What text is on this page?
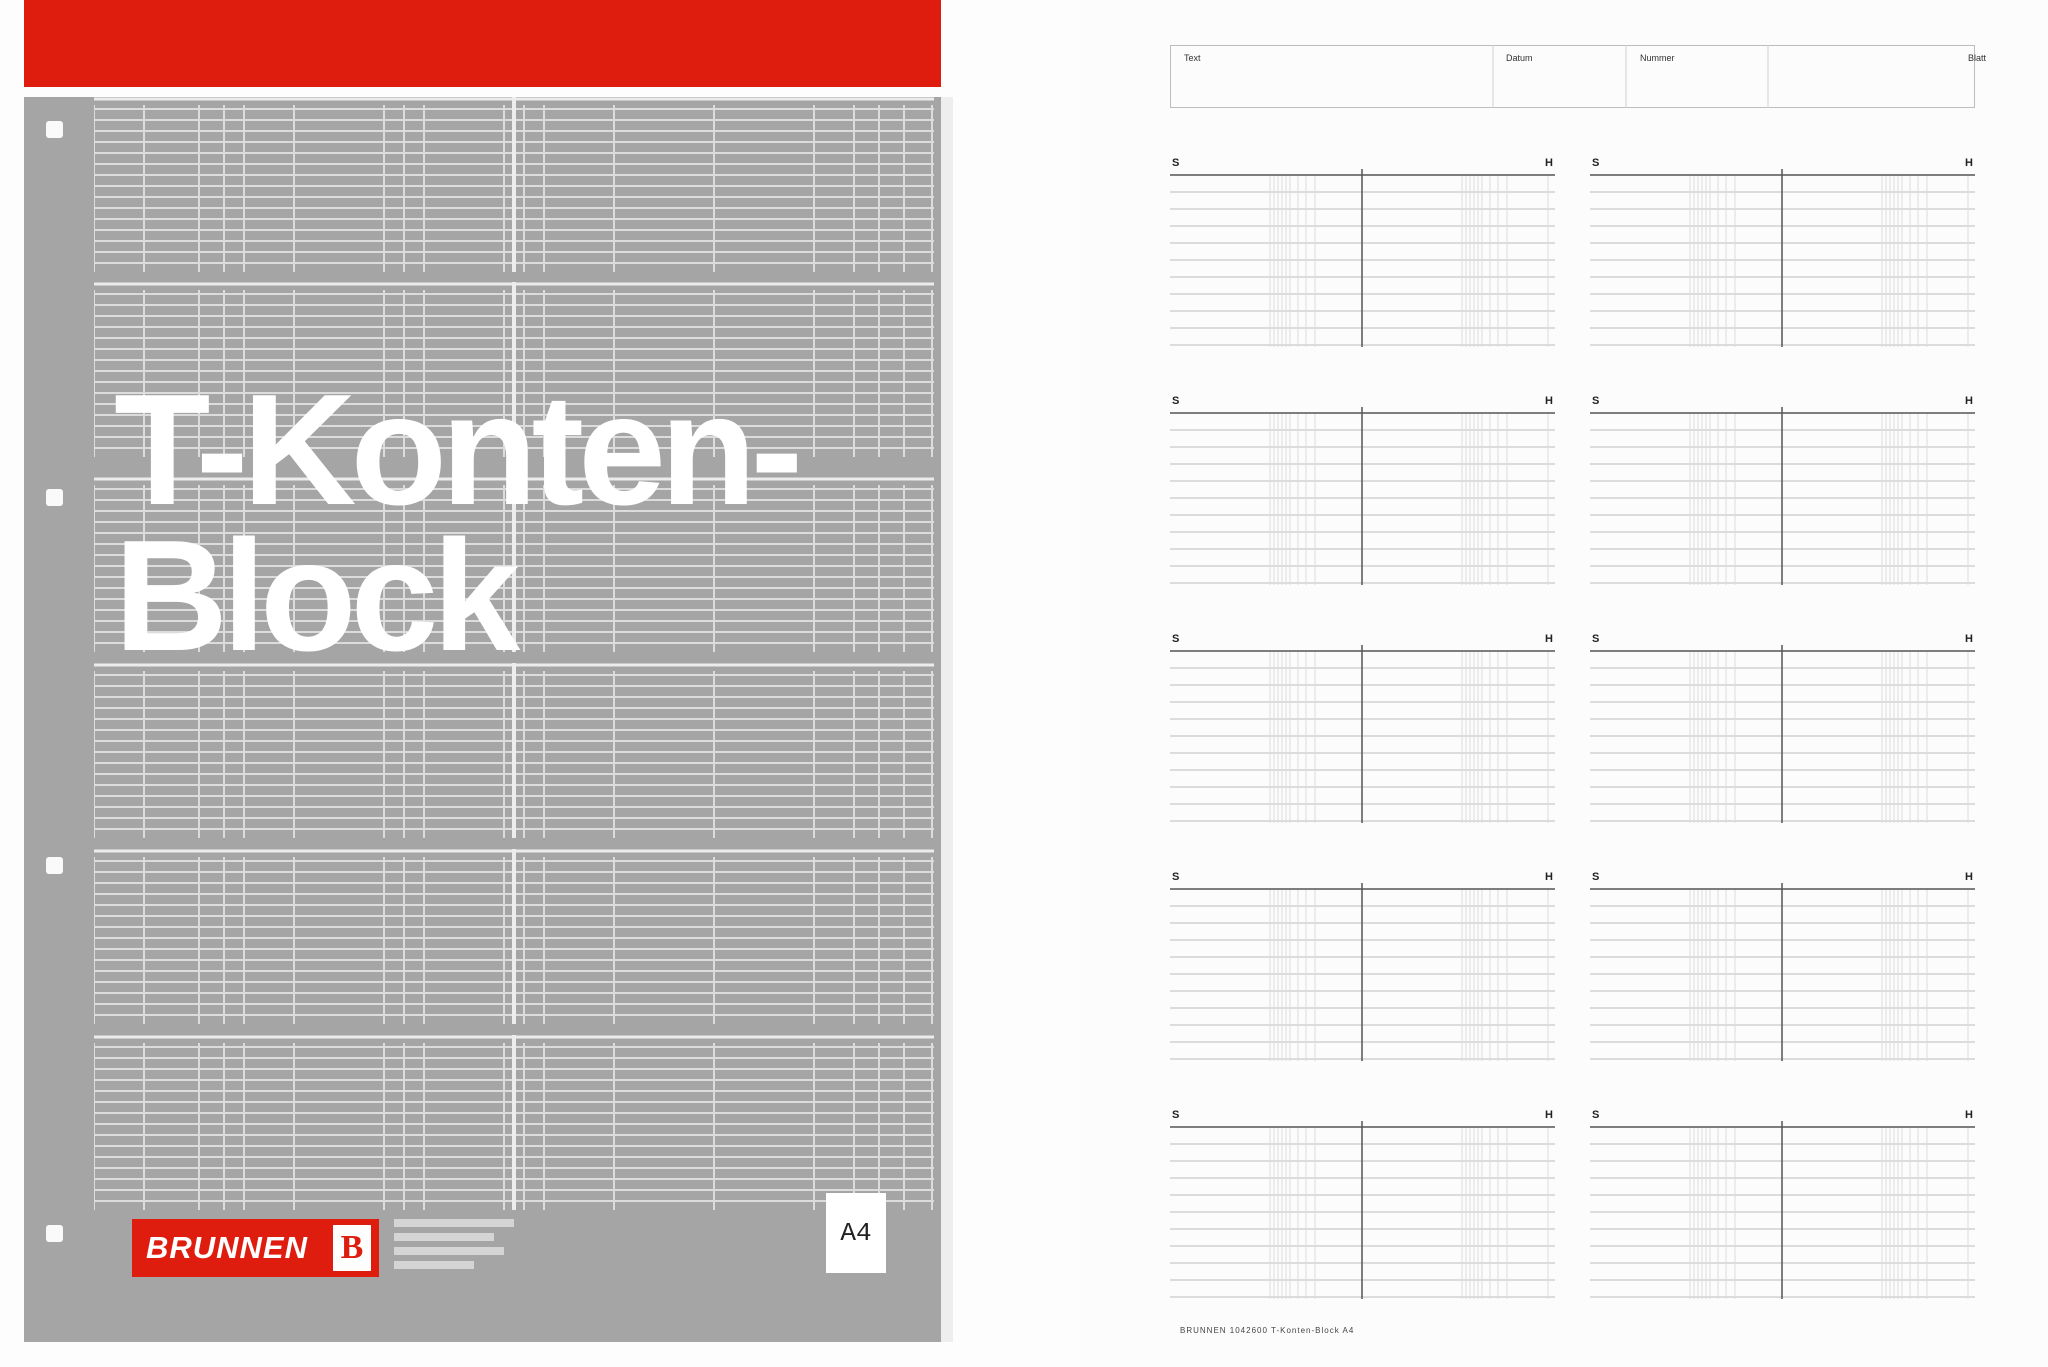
T-Konten-
Block
BRUNNEN B	A4
Text	Datum	Nummer	Blatt
S	H	S	H
S	H	S	H
S	H	S	H
S	H	S	H
S	H	S	H
BRUNNEN 1042600 T-Konten-Block A4
